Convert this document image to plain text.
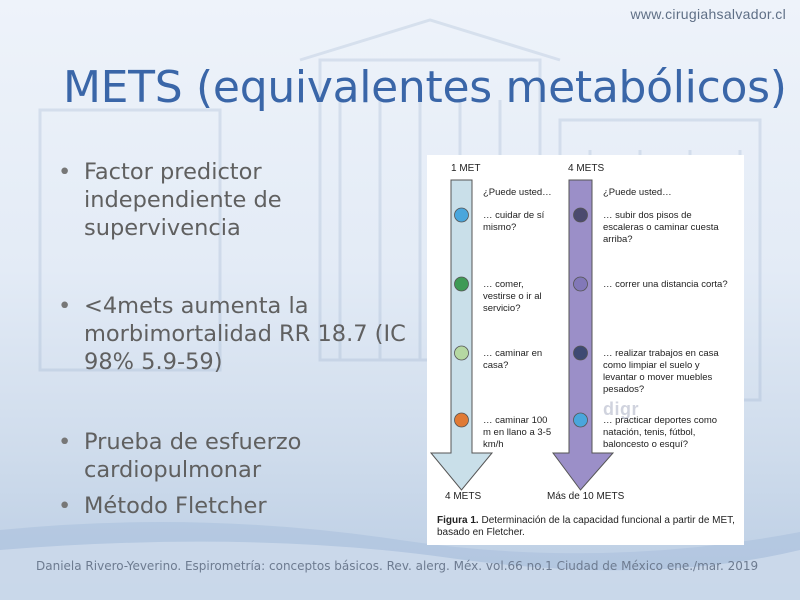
www.cirugiahsalvador.cl
METS (equivalentes metabólicos)
• Factor predictor independiente de supervivencia
• <4mets aumenta la morbimortalidad RR 18.7 (IC 98% 5.9-59)
• Prueba de esfuerzo cardiopulmonar
• Método Fletcher
1 MET	4 METS
¿Puede usted…	¿Puede usted…
… cuidar de sí mismo?
… comer, vestirse o ir al servicio?
… caminar en casa?
… caminar 100 m en llano a 3-5 km/h
… subir dos pisos de escaleras o caminar cuesta arriba?
… correr una distancia corta?
… realizar trabajos en casa como limpiar el suelo y levantar o mover muebles pesados?
… practicar deportes como natación, tenis, fútbol, baloncesto o esquí?
digr
4 METS	Más de 10 METS
Figura 1. Determinación de la capacidad funcional a partir de MET, basado en Fletcher.
Daniela Rivero-Yeverino. Espirometría: conceptos básicos. Rev. alerg. Méx. vol.66 no.1 Ciudad de México ene./mar. 2019
